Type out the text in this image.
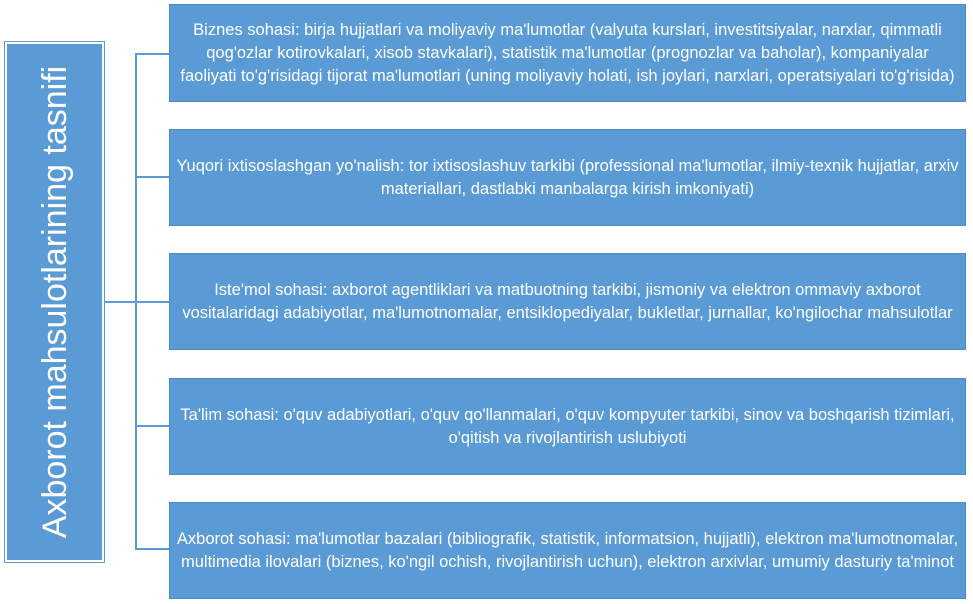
Axborot mahsulotlarining tasnifi
Biznes sohasi: birja hujjatlari va moliyaviy ma'lumotlar (valyuta kurslari, investitsiyalar, narxlar, qimmatli qog'ozlar kotirovkalari, xisob stavkalari), statistik ma'lumotlar (prognozlar va baholar), kompaniyalar faoliyati to'g'risidagi tijorat ma'lumotlari (uning moliyaviy holati, ish joylari, narxlari, operatsiyalari to'g'risida)
Yuqori ixtisoslashgan yo'nalish: tor ixtisoslashuv tarkibi (professional ma'lumotlar, ilmiy-texnik hujjatlar, arxiv materiallari, dastlabki manbalarga kirish imkoniyati)
Iste'mol sohasi: axborot agentliklari va matbuotning tarkibi, jismoniy va elektron ommaviy axborot vositalaridagi adabiyotlar, ma'lumotnomalar, entsiklopediyalar, bukletlar, jurnallar, ko'ngilochar mahsulotlar
Ta'lim sohasi: o'quv adabiyotlari, o'quv qo'llanmalari, o'quv kompyuter tarkibi, sinov va boshqarish tizimlari, o'qitish va rivojlantirish uslubiyoti
Axborot sohasi: ma'lumotlar bazalari (bibliografik, statistik, informatsion, hujjatli), elektron ma'lumotnomalar, multimedia ilovalari (biznes, ko'ngil ochish, rivojlantirish uchun), elektron arxivlar, umumiy dasturiy ta'minot
